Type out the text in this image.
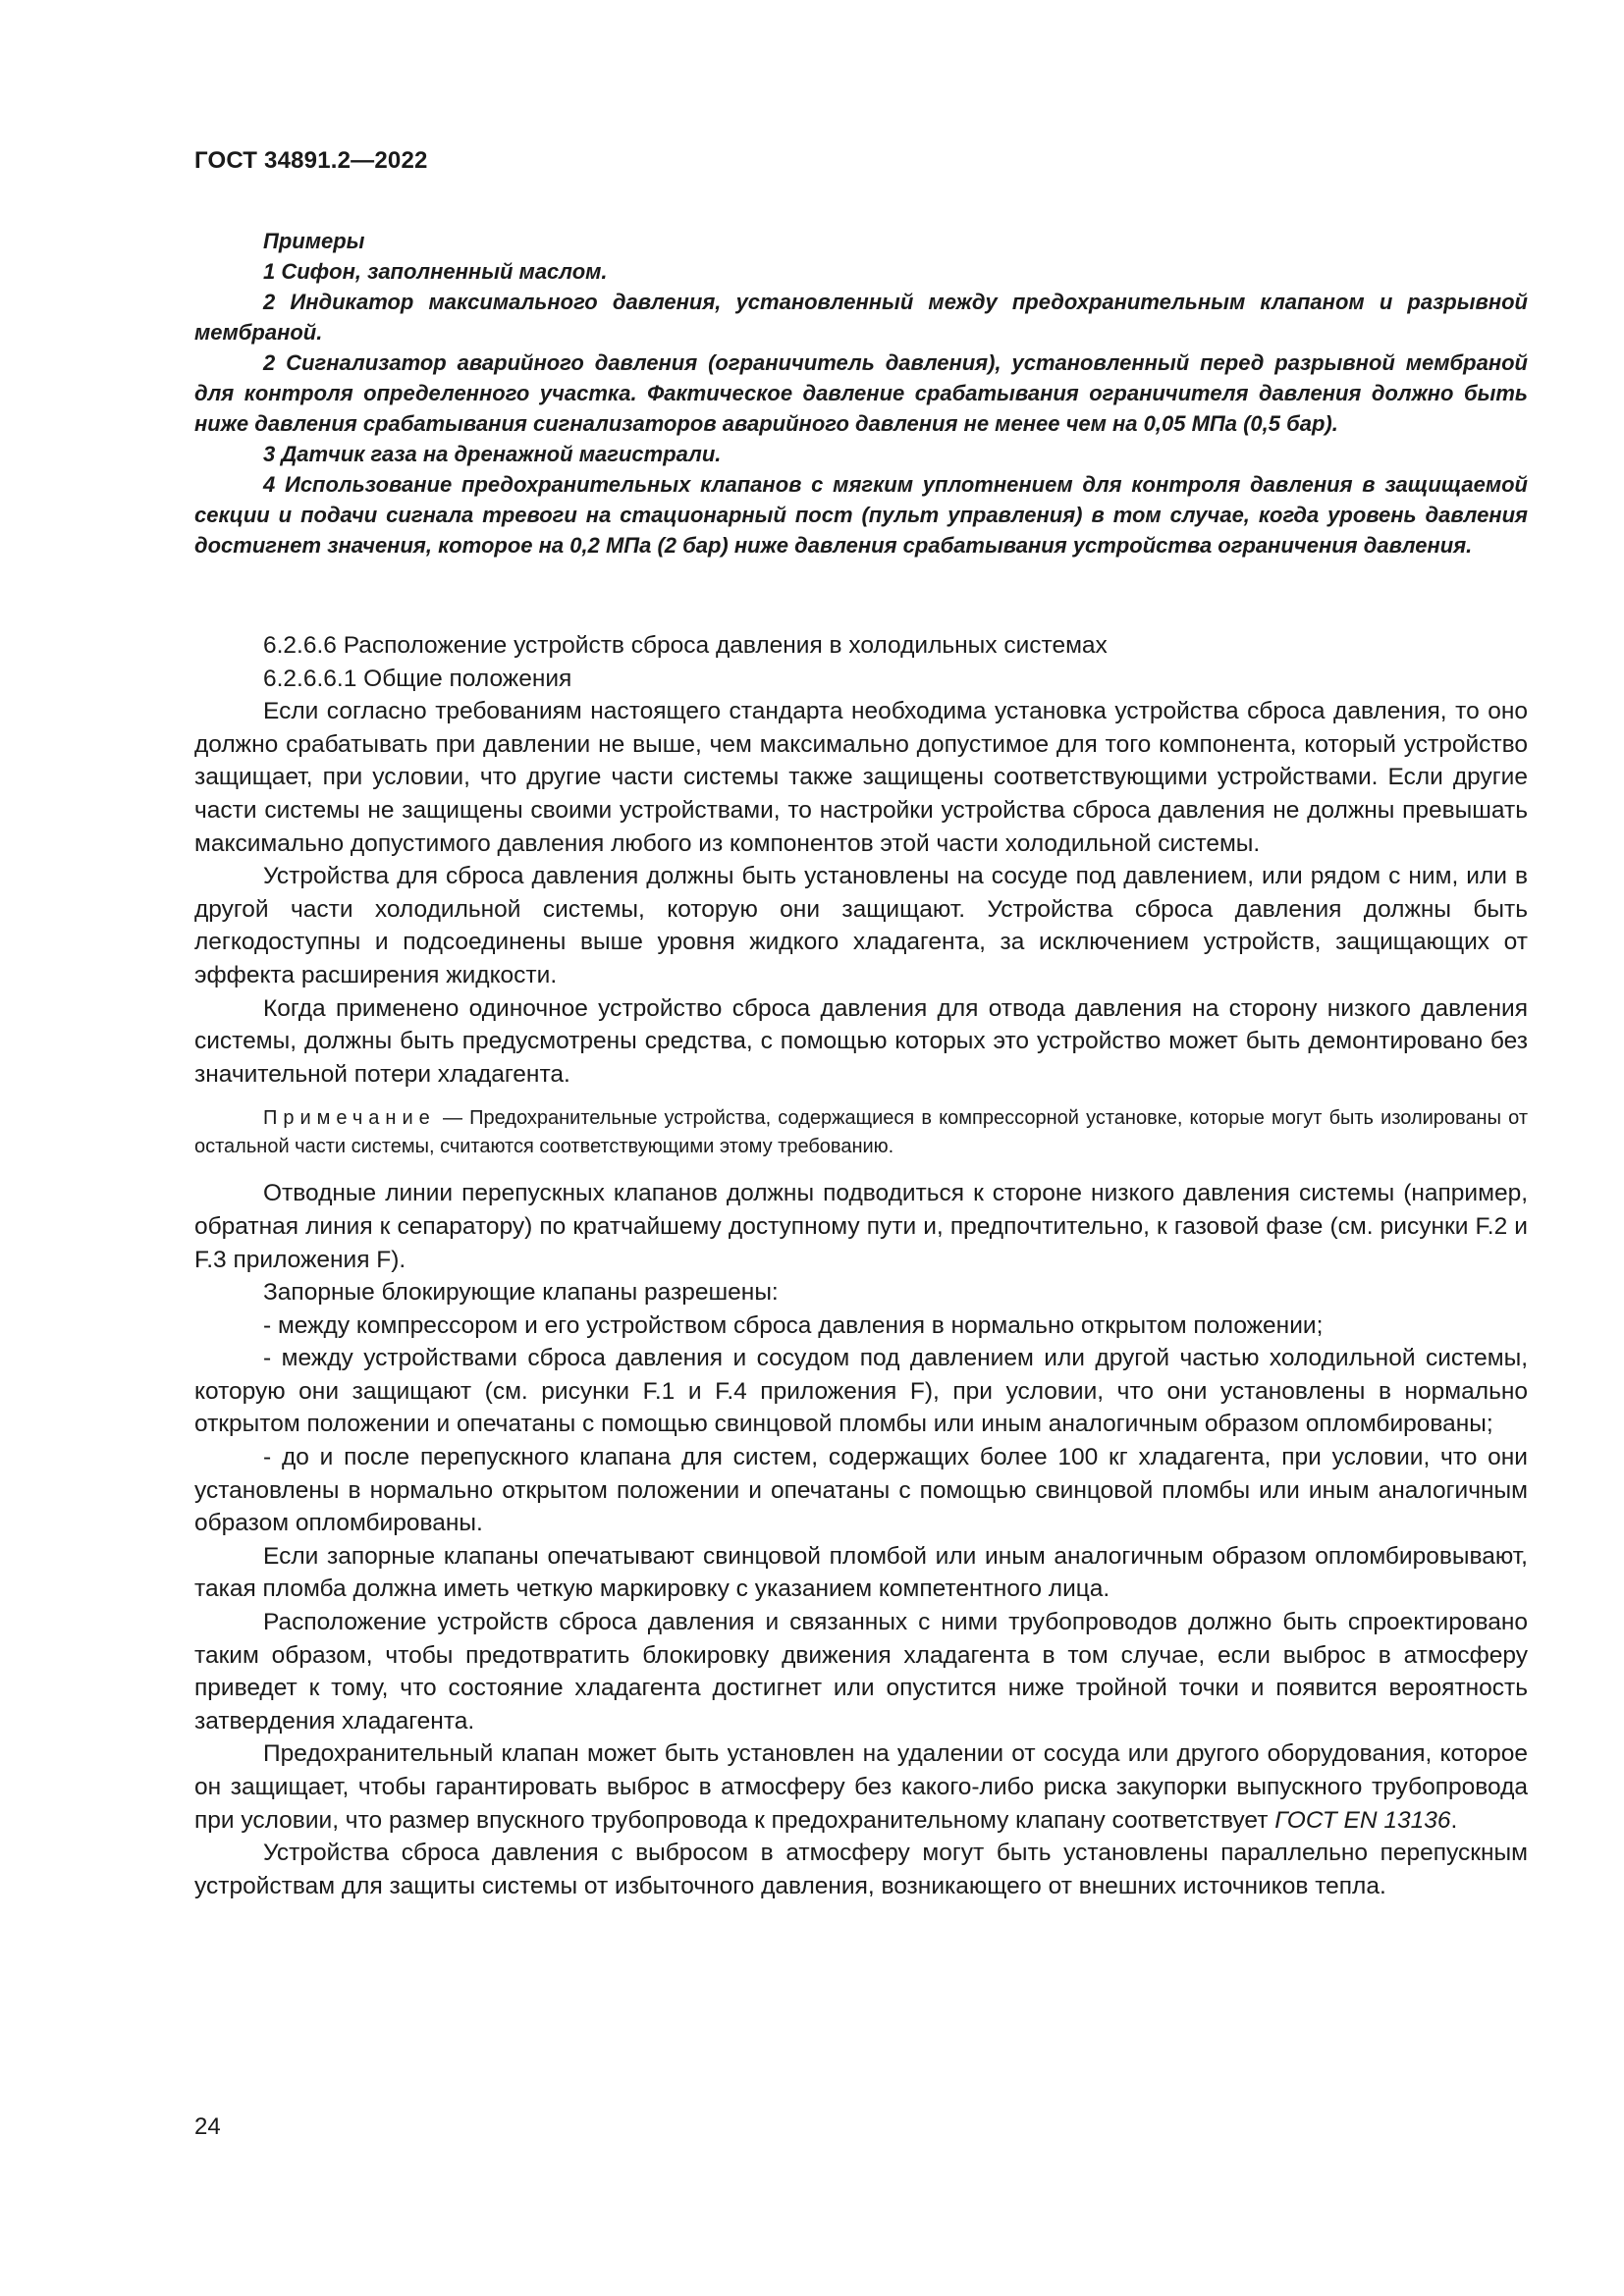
ГОСТ 34891.2—2022

Примеры

1 Сифон, заполненный маслом.

2 Индикатор максимального давления, установленный между предохранительным клапаном и разрывной мембраной.

2 Сигнализатор аварийного давления (ограничитель давления), установленный перед разрывной мембраной для контроля определенного участка. Фактическое давление срабатывания ограничителя давления должно быть ниже давления срабатывания сигнализаторов аварийного давления не менее чем на 0,05 МПа (0,5 бар).

3 Датчик газа на дренажной магистрали.

4 Использование предохранительных клапанов с мягким уплотнением для контроля давления в защищаемой секции и подачи сигнала тревоги на стационарный пост (пульт управления) в том случае, когда уровень давления достигнет значения, которое на 0,2 МПа (2 бар) ниже давления срабатывания устройства ограничения давления.

6.2.6.6 Расположение устройств сброса давления в холодильных системах

6.2.6.6.1 Общие положения

Если согласно требованиям настоящего стандарта необходима установка устройства сброса давления, то оно должно срабатывать при давлении не выше, чем максимально допустимое для того компонента, который устройство защищает, при условии, что другие части системы также защищены соответствующими устройствами. Если другие части системы не защищены своими устройствами, то настройки устройства сброса давления не должны превышать максимально допустимого давления любого из компонентов этой части холодильной системы.

Устройства для сброса давления должны быть установлены на сосуде под давлением, или рядом с ним, или в другой части холодильной системы, которую они защищают. Устройства сброса давления должны быть легкодоступны и подсоединены выше уровня жидкого хладагента, за исключением устройств, защищающих от эффекта расширения жидкости.

Когда применено одиночное устройство сброса давления для отвода давления на сторону низкого давления системы, должны быть предусмотрены средства, с помощью которых это устройство может быть демонтировано без значительной потери хладагента.

Примечание — Предохранительные устройства, содержащиеся в компрессорной установке, которые могут быть изолированы от остальной части системы, считаются соответствующими этому требованию.

Отводные линии перепускных клапанов должны подводиться к стороне низкого давления системы (например, обратная линия к сепаратору) по кратчайшему доступному пути и, предпочтительно, к газовой фазе (см. рисунки F.2 и F.3 приложения F).

Запорные блокирующие клапаны разрешены:

- между компрессором и его устройством сброса давления в нормально открытом положении;

- между устройствами сброса давления и сосудом под давлением или другой частью холодильной системы, которую они защищают (см. рисунки F.1 и F.4 приложения F), при условии, что они установлены в нормально открытом положении и опечатаны с помощью свинцовой пломбы или иным аналогичным образом опломбированы;

- до и после перепускного клапана для систем, содержащих более 100 кг хладагента, при условии, что они установлены в нормально открытом положении и опечатаны с помощью свинцовой пломбы или иным аналогичным образом опломбированы.

Если запорные клапаны опечатывают свинцовой пломбой или иным аналогичным образом опломбировывают, такая пломба должна иметь четкую маркировку с указанием компетентного лица.

Расположение устройств сброса давления и связанных с ними трубопроводов должно быть спроектировано таким образом, чтобы предотвратить блокировку движения хладагента в том случае, если выброс в атмосферу приведет к тому, что состояние хладагента достигнет или опустится ниже тройной точки и появится вероятность затвердения хладагента.

Предохранительный клапан может быть установлен на удалении от сосуда или другого оборудования, которое он защищает, чтобы гарантировать выброс в атмосферу без какого-либо риска закупорки выпускного трубопровода при условии, что размер впускного трубопровода к предохранительному клапану соответствует ГОСТ EN 13136.

Устройства сброса давления с выбросом в атмосферу могут быть установлены параллельно перепускным устройствам для защиты системы от избыточного давления, возникающего от внешних источников тепла.

24
